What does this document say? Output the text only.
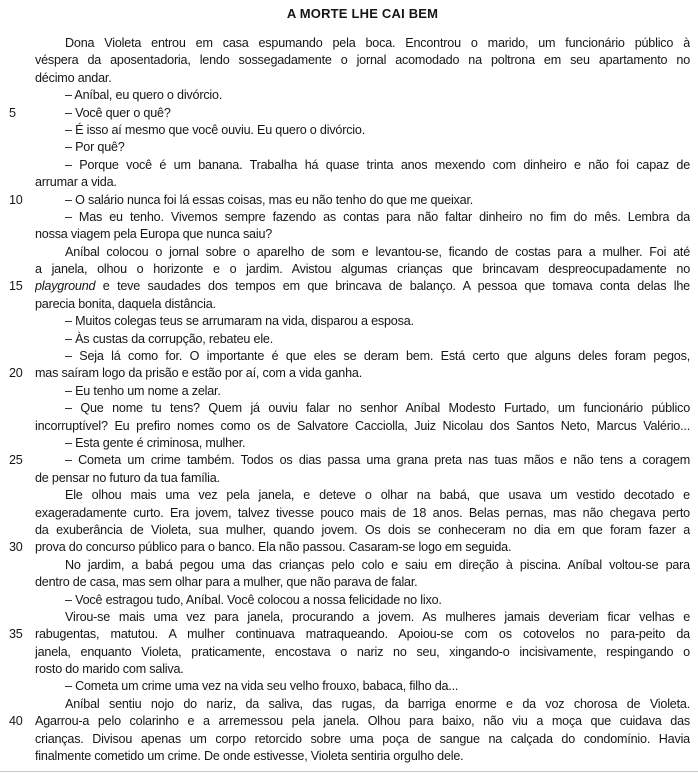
A MORTE LHE CAI BEM
Dona Violeta entrou em casa espumando pela boca. Encontrou o marido, um funcionário público à
véspera da aposentadoria, lendo sossegadamente o jornal acomodado na poltrona em seu apartamento no
décimo andar.
– Aníbal, eu quero o divórcio.
5	– Você quer o quê?
– É isso aí mesmo que você ouviu. Eu quero o divórcio.
– Por quê?
– Porque você é um banana. Trabalha há quase trinta anos mexendo com dinheiro e não foi capaz de
arrumar a vida.
10	– O salário nunca foi lá essas coisas, mas eu não tenho do que me queixar.
– Mas eu tenho. Vivemos sempre fazendo as contas para não faltar dinheiro no fim do mês. Lembra da
nossa viagem pela Europa que nunca saiu?
Aníbal colocou o jornal sobre o aparelho de som e levantou-se, ficando de costas para a mulher. Foi até
a janela, olhou o horizonte e o jardim. Avistou algumas crianças que brincavam despreocupadamente no
15 playground e teve saudades dos tempos em que brincava de balanço. A pessoa que tomava conta delas lhe
parecia bonita, daquela distância.
– Muitos colegas teus se arrumaram na vida, disparou a esposa.
– Às custas da corrupção, rebateu ele.
– Seja lá como for. O importante é que eles se deram bem. Está certo que alguns deles foram pegos,
20 mas saíram logo da prisão e estão por aí, com a vida ganha.
– Eu tenho um nome a zelar.
– Que nome tu tens? Quem já ouviu falar no senhor Aníbal Modesto Furtado, um funcionário público
incorruptível? Eu prefiro nomes como os de Salvatore Cacciolla, Juiz Nicolau dos Santos Neto, Marcus Valério...
– Esta gente é criminosa, mulher.
25	– Cometa um crime também. Todos os dias passa uma grana preta nas tuas mãos e não tens a coragem
de pensar no futuro da tua família.
Ele olhou mais uma vez pela janela, e deteve o olhar na babá, que usava um vestido decotado e
exageradamente curto. Era jovem, talvez tivesse pouco mais de 18 anos. Belas pernas, mas não chegava perto
da exuberância de Violeta, sua mulher, quando jovem. Os dois se conheceram no dia em que foram fazer a
30 prova do concurso público para o banco. Ela não passou. Casaram-se logo em seguida.
No jardim, a babá pegou uma das crianças pelo colo e saiu em direção à piscina. Aníbal voltou-se para
dentro de casa, mas sem olhar para a mulher, que não parava de falar.
– Você estragou tudo, Aníbal. Você colocou a nossa felicidade no lixo.
Virou-se mais uma vez para janela, procurando a jovem. As mulheres jamais deveriam ficar velhas e
35 rabugentas, matutou. A mulher continuava matraqueando. Apoiou-se com os cotovelos no para-peito da
janela, enquanto Violeta, praticamente, encostava o nariz no seu, xingando-o incisivamente, respingando o
rosto do marido com saliva.
– Cometa um crime uma vez na vida seu velho frouxo, babaca, filho da...
Aníbal sentiu nojo do nariz, da saliva, das rugas, da barriga enorme e da voz chorosa de Violeta.
40 Agarrou-a pelo colarinho e a arremessou pela janela. Olhou para baixo, não viu a moça que cuidava das
crianças. Divisou apenas um corpo retorcido sobre uma poça de sangue na calçada do condomínio. Havia
finalmente cometido um crime. De onde estivesse, Violeta sentiria orgulho dele.
